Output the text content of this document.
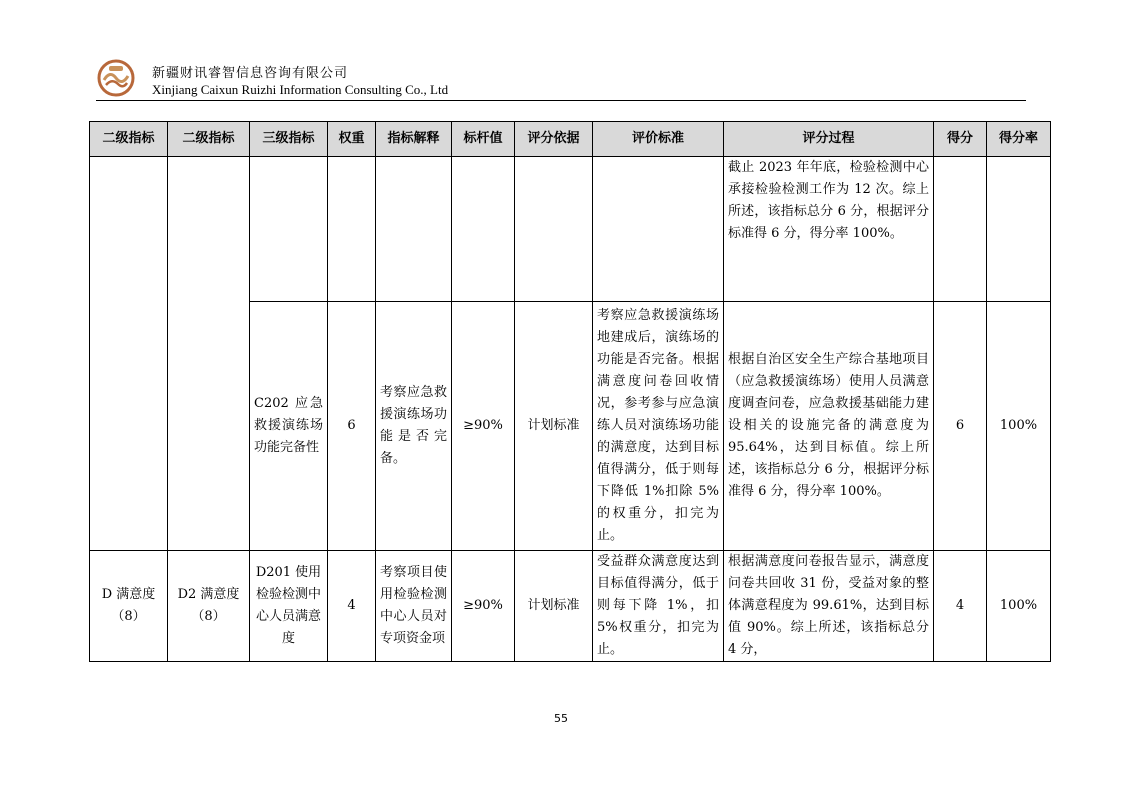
新疆财讯睿智信息咨询有限公司
Xinjiang Caixun Ruizhi Information Consulting Co., Ltd
二级指标	二级指标	三级指标	权重	指标解释	标杆值	评分依据	评价标准	评分过程	得分	得分率
								截止 2023 年年底，检验检测中心承接检验检测工作为 12 次。综上所述，该指标总分 6 分，根据评分标准得 6 分，得分率 100%。		
		C202 应急救援演练场功能完备性	6	考察应急救援演练场功能是否完备。	≥90%	计划标准	考察应急救援演练场地建成后，演练场的功能是否完备。根据满意度问卷回收情况，参考参与应急演练人员对演练场功能的满意度，达到目标值得满分，低于则每下降低 1%扣除 5%的权重分，扣完为止。	根据自治区安全生产综合基地项目（应急救援演练场）使用人员满意度调查问卷，应急救援基础能力建设相关的设施完备的满意度为 95.64%，达到目标值。综上所述，该指标总分 6 分，根据评分标准得 6 分，得分率 100%。	6	100%
D 满意度（8）	D2 满意度（8）	D201 使用检验检测中心人员满意度	4	考察项目使用检验检测中心人员对专项资金项	≥90%	计划标准	受益群众满意度达到目标值得满分，低于则每下降 1%，扣 5%权重分，扣完为止。	根据满意度问卷报告显示，满意度问卷共回收 31 份，受益对象的整体满意程度为 99.61%，达到目标值 90%。综上所述，该指标总分 4 分，	4	100%
55
